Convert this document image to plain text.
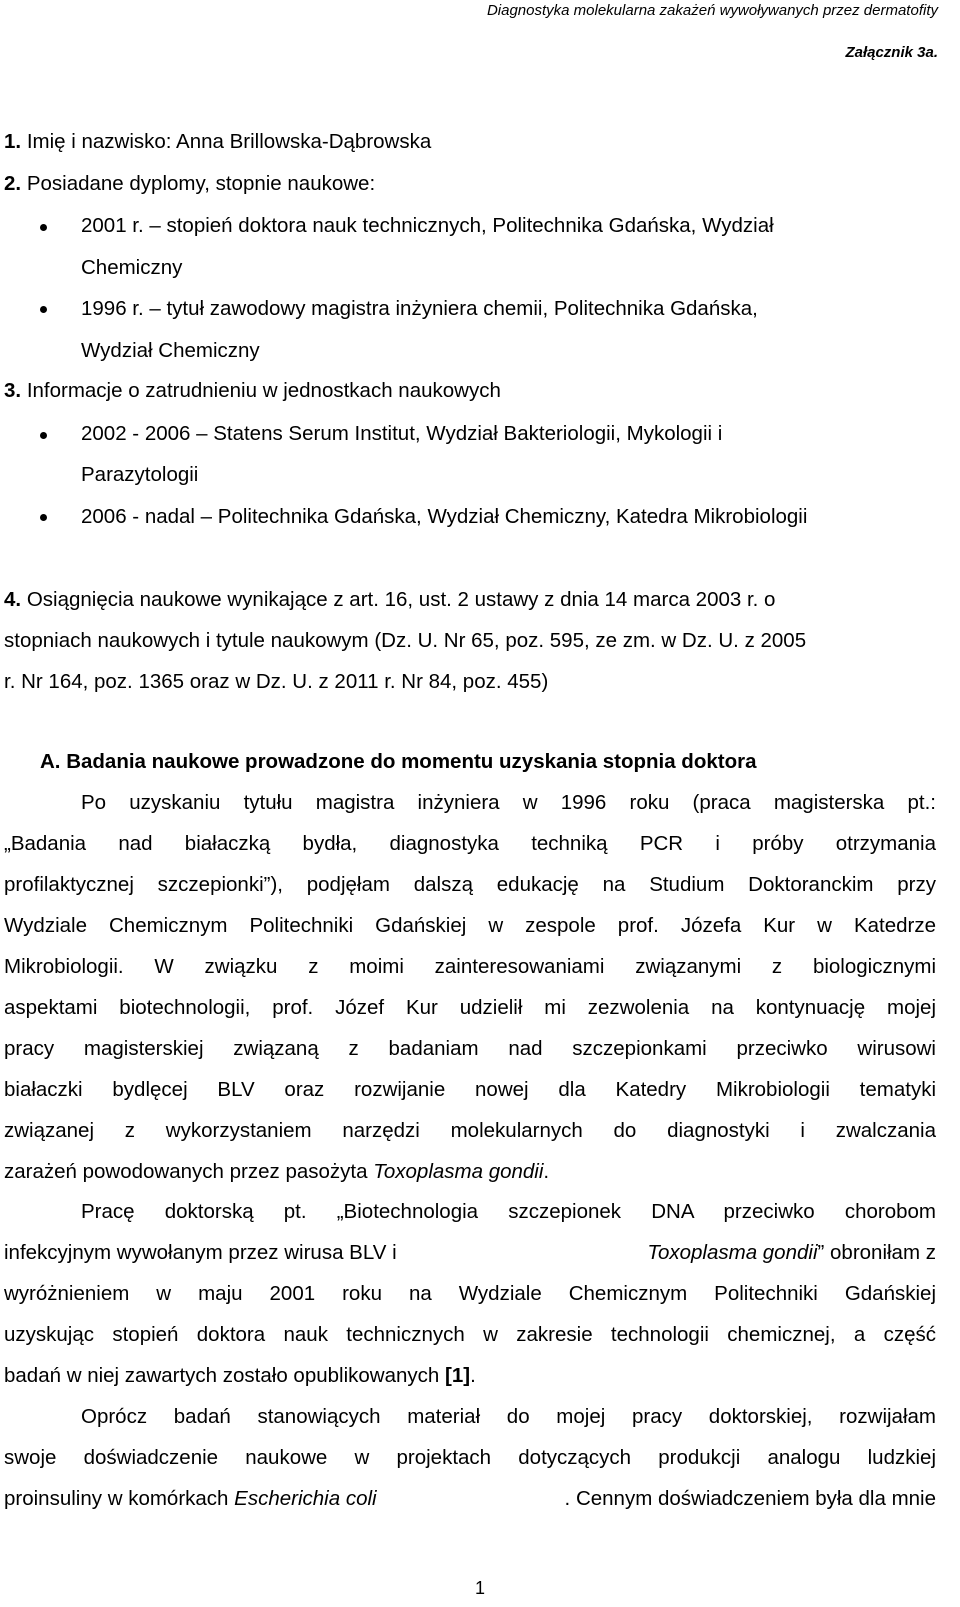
Diagnostyka molekularna zakażeń wywoływanych przez dermatofity
Załącznik 3a.
1. Imię i nazwisko: Anna Brillowska-Dąbrowska
2. Posiadane dyplomy, stopnie naukowe:
2001 r. – stopień doktora nauk technicznych, Politechnika Gdańska, Wydział
Chemiczny
1996 r. – tytuł zawodowy magistra inżyniera chemii, Politechnika Gdańska,
Wydział Chemiczny
3. Informacje o zatrudnieniu w jednostkach naukowych
2002 - 2006 – Statens Serum Institut, Wydział Bakteriologii, Mykologii i
Parazytologii
2006 - nadal – Politechnika Gdańska, Wydział Chemiczny, Katedra Mikrobiologii
4. Osiągnięcia naukowe wynikające z art. 16, ust. 2 ustawy z dnia 14 marca 2003 r. o
stopniach naukowych i tytule naukowym (Dz. U. Nr 65, poz. 595, ze zm. w Dz. U. z 2005
r. Nr 164, poz. 1365 oraz w Dz. U. z 2011 r. Nr 84, poz. 455)
A. Badania naukowe prowadzone do momentu uzyskania stopnia doktora
Po uzyskaniu tytułu magistra inżyniera w 1996 roku (praca magisterska pt.:
„Badania nad białaczką bydła, diagnostyka techniką PCR i próby otrzymania
profilaktycznej szczepionki”), podjęłam dalszą edukację na Studium Doktoranckim przy
Wydziale Chemicznym Politechniki Gdańskiej w zespole prof. Józefa Kur w Katedrze
Mikrobiologii. W związku z moimi zainteresowaniami związanymi z biologicznymi
aspektami biotechnologii, prof. Józef Kur udzielił mi zezwolenia na kontynuację mojej
pracy magisterskiej związaną z badaniam nad szczepionkami przeciwko wirusowi
białaczki bydlęcej BLV oraz rozwijanie nowej dla Katedry Mikrobiologii tematyki
związanej z wykorzystaniem narzędzi molekularnych do diagnostyki i zwalczania
zarażeń powodowanych przez pasożyta Toxoplasma gondii.
Pracę doktorską pt. „Biotechnologia szczepionek DNA przeciwko chorobom
infekcyjnym wywołanym przez wirusa BLV i	Toxoplasma gondii” obroniłam z
wyróżnieniem w maju 2001 roku na Wydziale Chemicznym Politechniki Gdańskiej
uzyskując stopień doktora nauk technicznych w zakresie technologii chemicznej, a część
badań w niej zawartych zostało opublikowanych [1].
Oprócz badań stanowiących materiał do mojej pracy doktorskiej, rozwijałam
swoje doświadczenie naukowe w projektach dotyczących produkcji analogu ludzkiej
proinsuliny w komórkach Escherichia coli	. Cennym doświadczeniem była dla mnie
1
